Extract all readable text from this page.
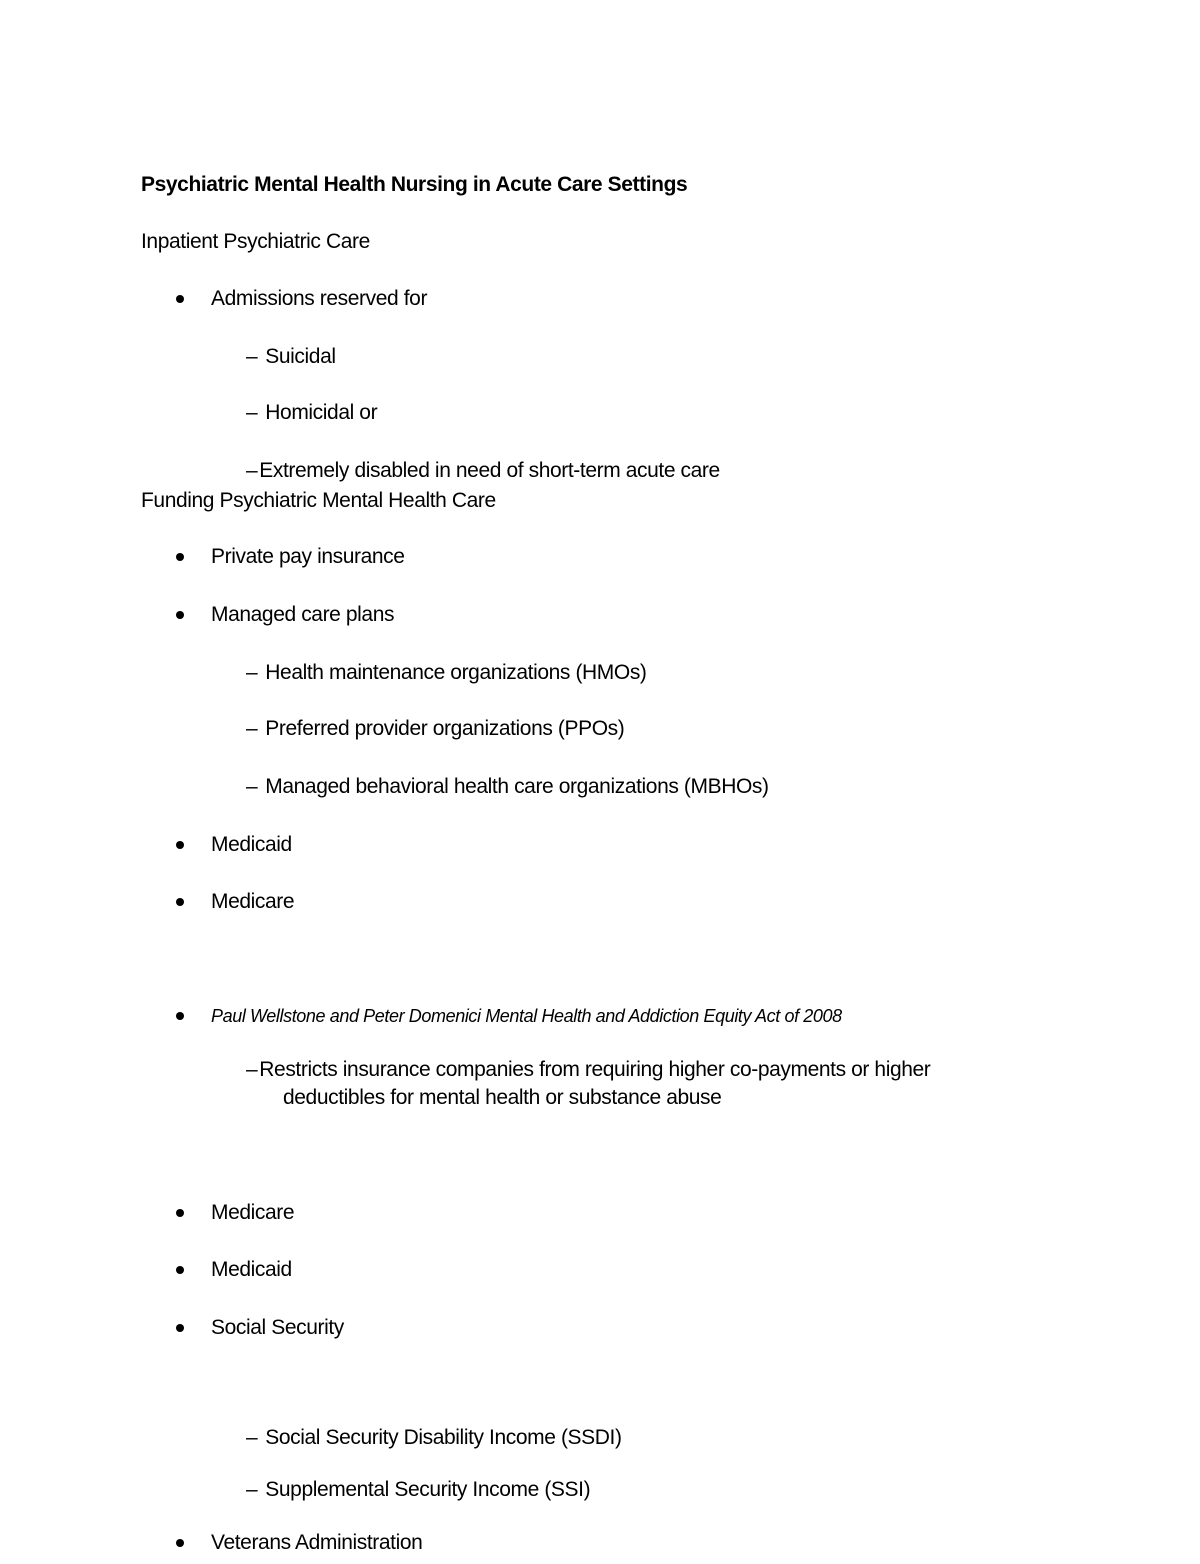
Psychiatric Mental Health Nursing in Acute Care Settings
Inpatient Psychiatric Care
Admissions reserved for
– Suicidal
– Homicidal or
–Extremely disabled in need of short-term acute care
Funding Psychiatric Mental Health Care
Private pay insurance
Managed care plans
– Health maintenance organizations (HMOs)
– Preferred provider organizations (PPOs)
– Managed behavioral health care organizations (MBHOs)
Medicaid
Medicare
Paul Wellstone and Peter Domenici Mental Health and Addiction Equity Act of 2008
–Restricts insurance companies from requiring higher co-payments or higher
deductibles for mental health or substance abuse
Medicare
Medicaid
Social Security
– Social Security Disability Income (SSDI)
– Supplemental Security Income (SSI)
Veterans Administration
